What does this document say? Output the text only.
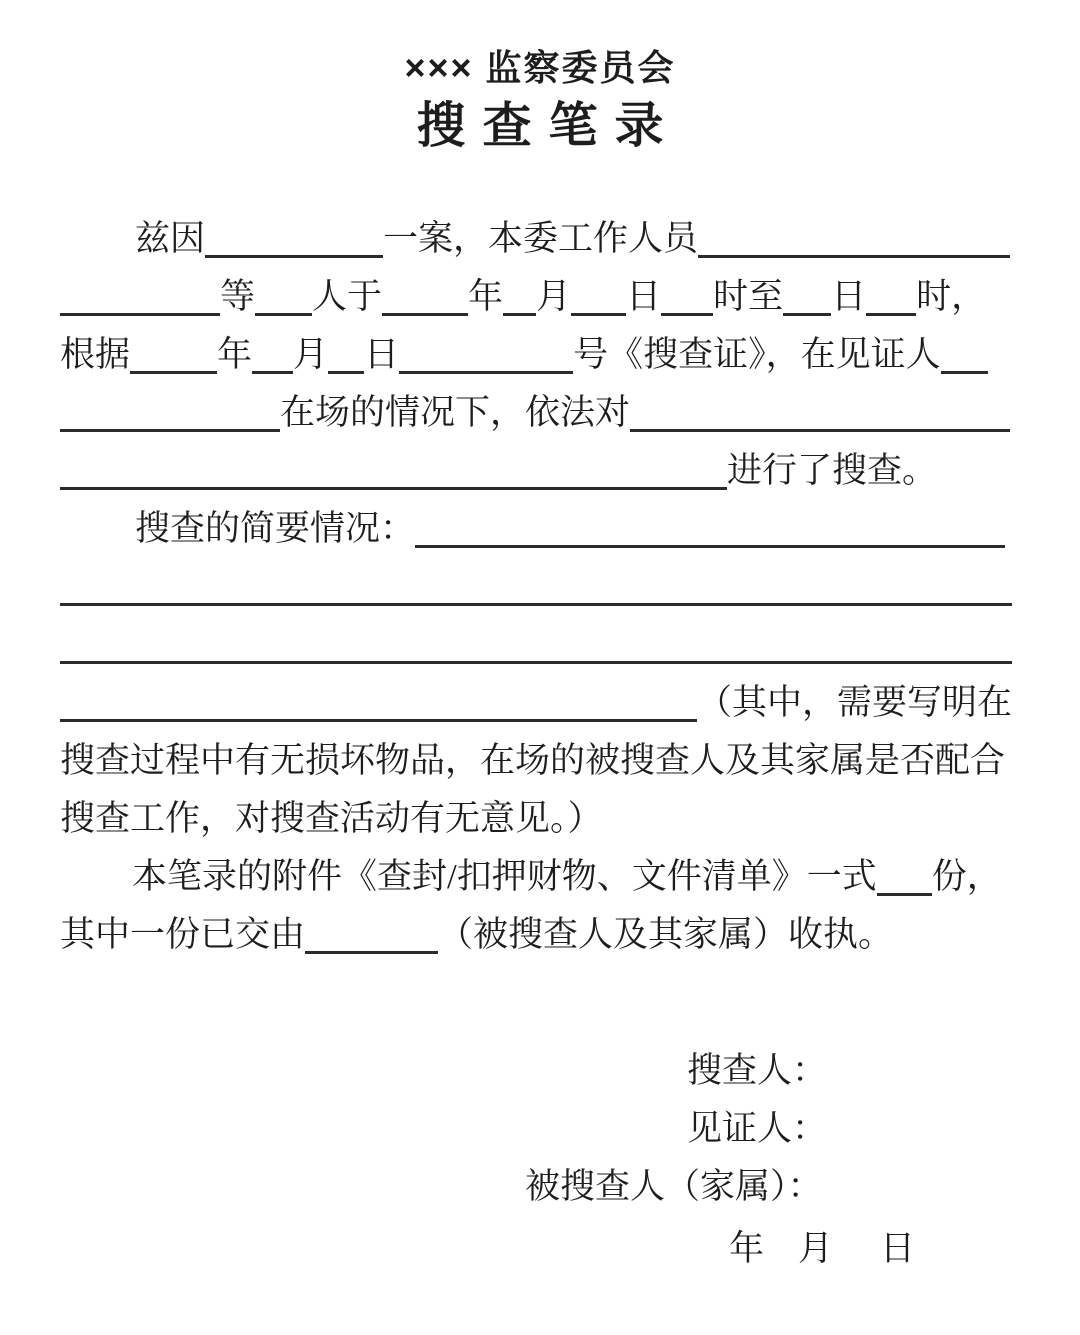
××× 监察委员会
搜查笔录
兹因	一案，本委工作人员
等 人于 年 月 日 时至 日 时，
根据 年 月 日	号《搜查证》，在见证人
在场的情况下，依法对
进行了搜查。
搜查的简要情况：
（其中，需要写明在
搜查过程中有无损坏物品，在场的被搜查人及其家属是否配合
搜查工作，对搜查活动有无意见。）
本笔录的附件《查封/扣押财物、文件清单》一式 份，
其中一份已交由	（被搜查人及其家属）收执。
搜查人：
见证人：
被搜查人（家属）：
年 月 日
